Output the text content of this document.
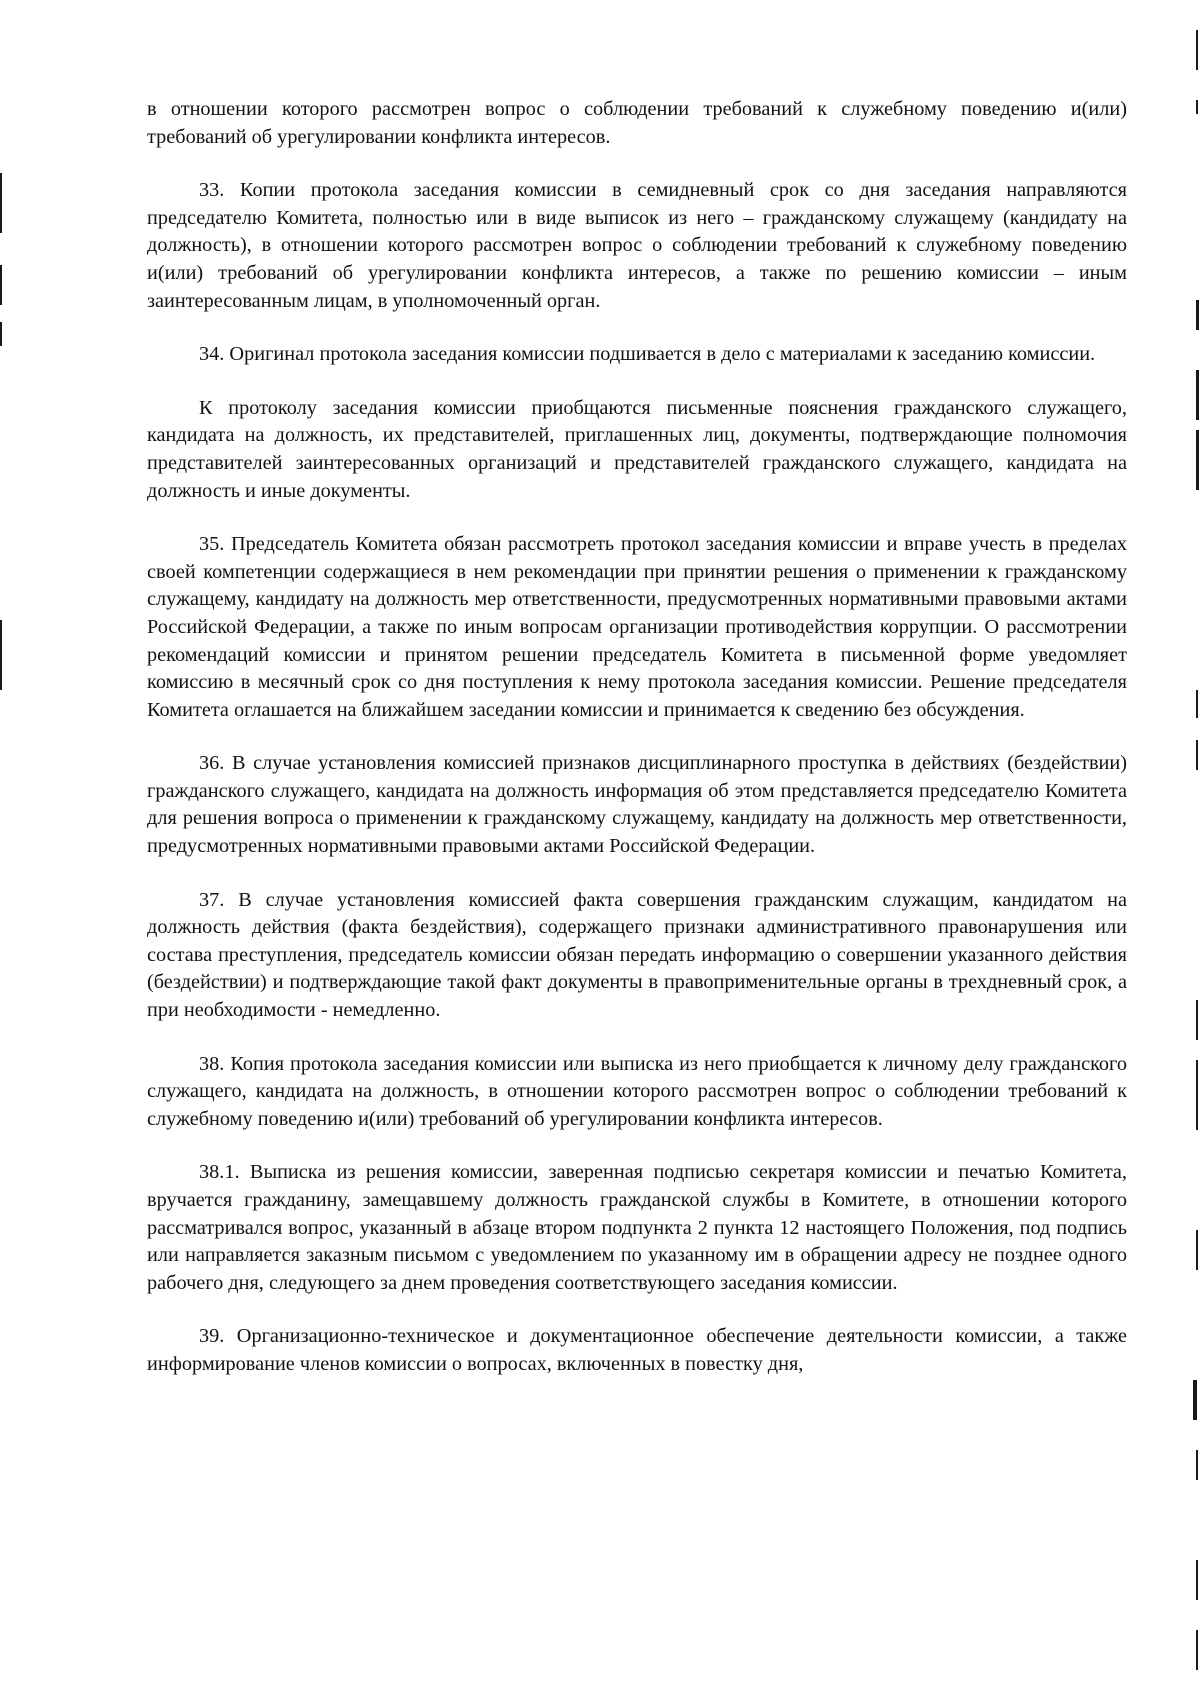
в отношении которого рассмотрен вопрос о соблюдении требований к служебному поведению и(или) требований об урегулировании конфликта интересов.

33. Копии протокола заседания комиссии в семидневный срок со дня заседания направляются председателю Комитета, полностью или в виде выписок из него – гражданскому служащему (кандидату на должность), в отношении которого рассмотрен вопрос о соблюдении требований к служебному поведению и(или) требований об урегулировании конфликта интересов, а также по решению комиссии – иным заинтересованным лицам, в уполномоченный орган.

34. Оригинал протокола заседания комиссии подшивается в дело с материалами к заседанию комиссии.

К протоколу заседания комиссии приобщаются письменные пояснения гражданского служащего, кандидата на должность, их представителей, приглашенных лиц, документы, подтверждающие полномочия представителей заинтересованных организаций и представителей гражданского служащего, кандидата на должность и иные документы.

35. Председатель Комитета обязан рассмотреть протокол заседания комиссии и вправе учесть в пределах своей компетенции содержащиеся в нем рекомендации при принятии решения о применении к гражданскому служащему, кандидату на должность мер ответственности, предусмотренных нормативными правовыми актами Российской Федерации, а также по иным вопросам организации противодействия коррупции. О рассмотрении рекомендаций комиссии и принятом решении председатель Комитета в письменной форме уведомляет комиссию в месячный срок со дня поступления к нему протокола заседания комиссии. Решение председателя Комитета оглашается на ближайшем заседании комиссии и принимается к сведению без обсуждения.

36. В случае установления комиссией признаков дисциплинарного проступка в действиях (бездействии) гражданского служащего, кандидата на должность информация об этом представляется председателю Комитета для решения вопроса о применении к гражданскому служащему, кандидату на должность мер ответственности, предусмотренных нормативными правовыми актами Российской Федерации.

37. В случае установления комиссией факта совершения гражданским служащим, кандидатом на должность действия (факта бездействия), содержащего признаки административного правонарушения или состава преступления, председатель комиссии обязан передать информацию о совершении указанного действия (бездействии) и подтверждающие такой факт документы в правоприменительные органы в трехдневный срок, а при необходимости - немедленно.

38. Копия протокола заседания комиссии или выписка из него приобщается к личному делу гражданского служащего, кандидата на должность, в отношении которого рассмотрен вопрос о соблюдении требований к служебному поведению и(или) требований об урегулировании конфликта интересов.

38.1. Выписка из решения комиссии, заверенная подписью секретаря комиссии и печатью Комитета, вручается гражданину, замещавшему должность гражданской службы в Комитете, в отношении которого рассматривался вопрос, указанный в абзаце втором подпункта 2 пункта 12 настоящего Положения, под подпись или направляется заказным письмом с уведомлением по указанному им в обращении адресу не позднее одного рабочего дня, следующего за днем проведения соответствующего заседания комиссии.

39. Организационно-техническое и документационное обеспечение деятельности комиссии, а также информирование членов комиссии о вопросах, включенных в повестку дня,
